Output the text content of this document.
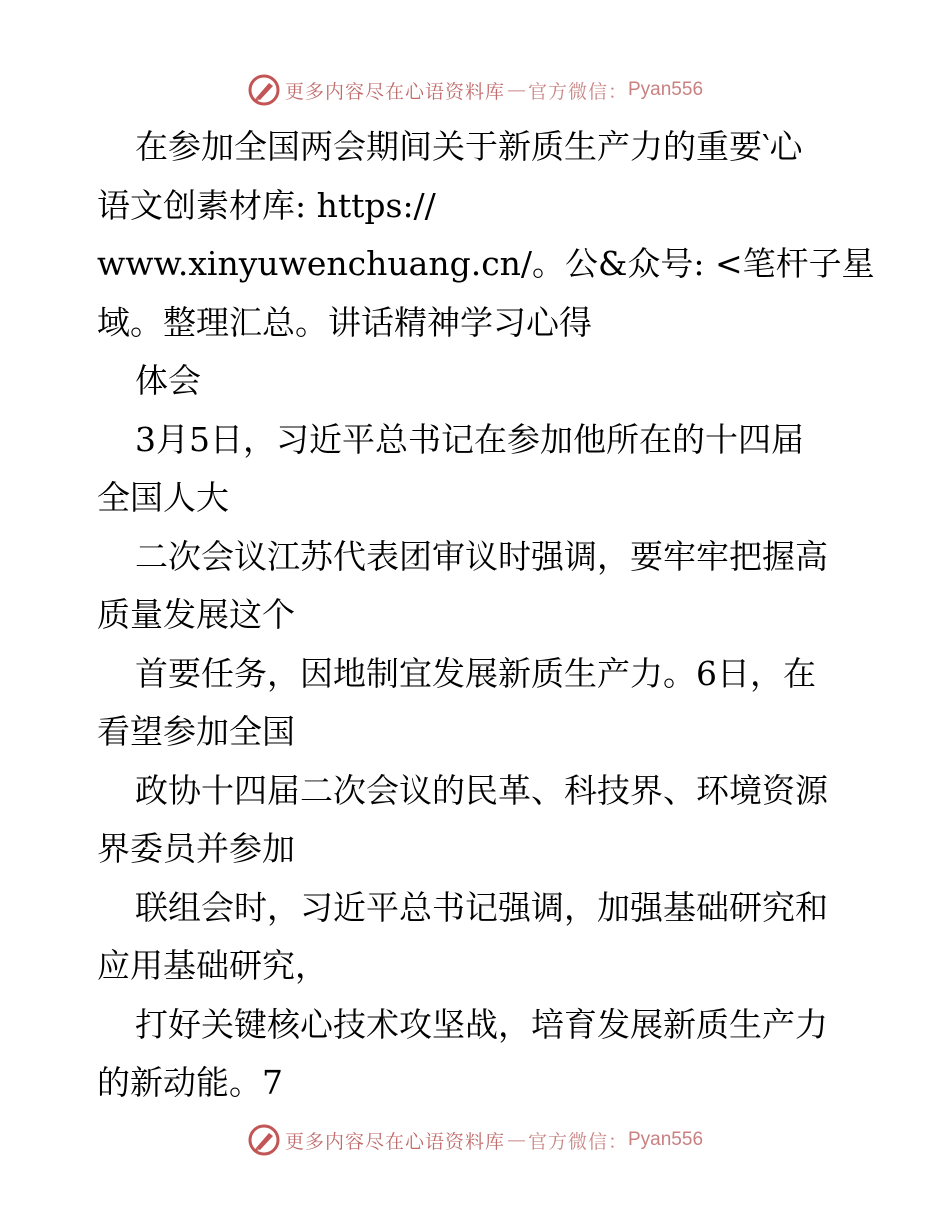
更多内容尽在心语资料库 — 官方微信： Pyan556
在参加全国两会期间关于新质生产力的重要‵心
语文创素材库: https://
www.xinyuwenchuang.cn/。公&众号: <笔杆子星
域。整理汇总。讲话精神学习心得
体会
3月5日，习近平总书记在参加他所在的十四届
全国人大
二次会议江苏代表团审议时强调，要牢牢把握高
质量发展这个
首要任务，因地制宜发展新质生产力。6日，在
看望参加全国
政协十四届二次会议的民革、科技界、环境资源
界委员并参加
联组会时，习近平总书记强调，加强基础研究和
应用基础研究，
打好关键核心技术攻坚战，培育发展新质生产力
的新动能。7
更多内容尽在心语资料库 — 官方微信： Pyan556
